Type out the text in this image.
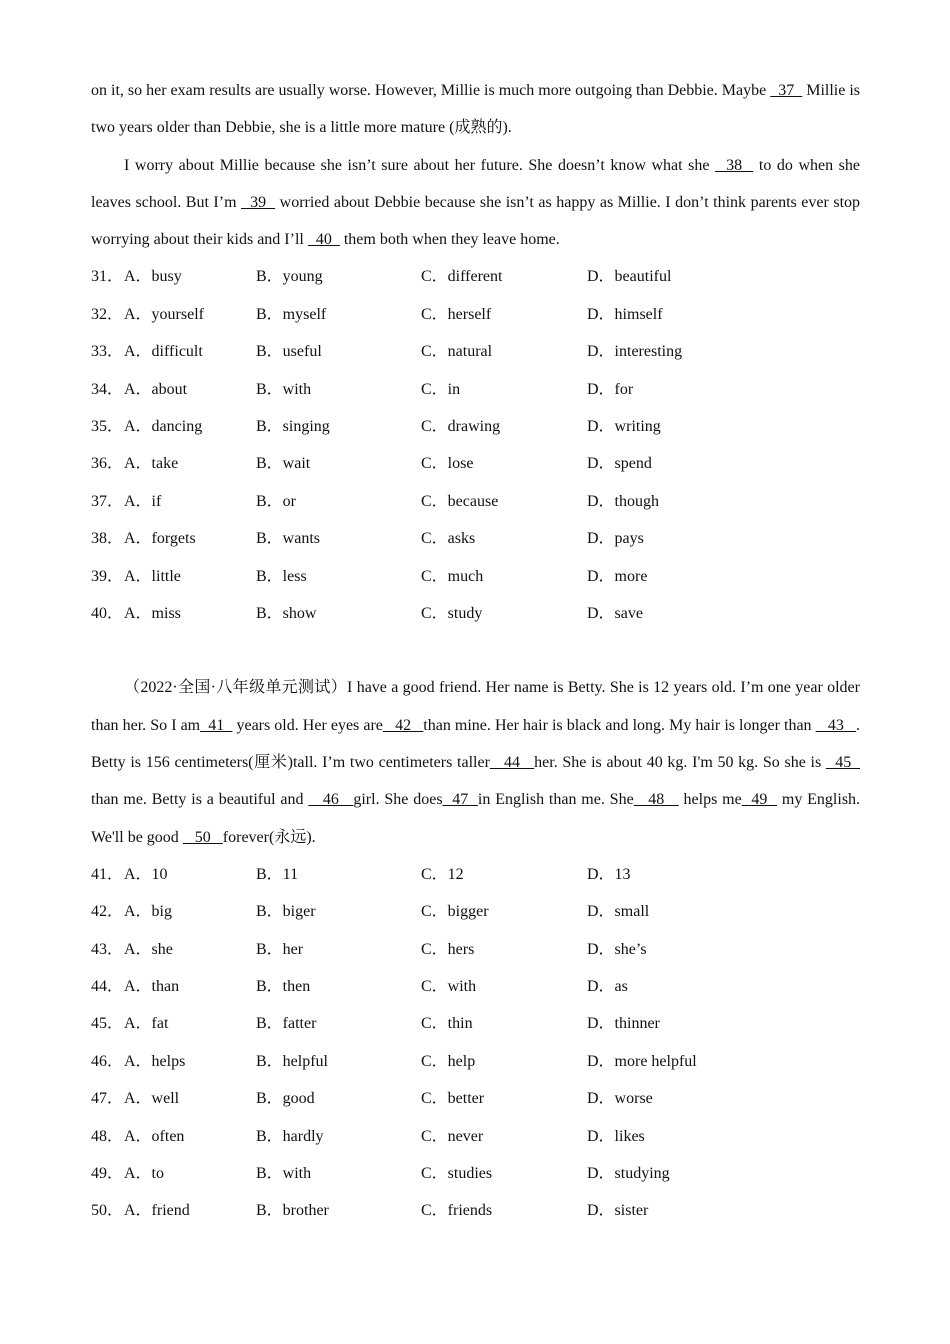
on it, so her exam results are usually worse. However, Millie is much more outgoing than Debbie. Maybe   37   Millie is two years older than Debbie, she is a little more mature (成熟的).

I worry about Millie because she isn’t sure about her future. She doesn’t know what she   38   to do when she leaves school. But I’m   39   worried about Debbie because she isn’t as happy as Millie. I don’t think parents ever stop worrying about their kids and I’ll   40   them both when they leave home.

31． A．busy	B．young	C．different	D．beautiful
32． A．yourself	B．myself	C．herself	D．himself
33． A．difficult	B．useful	C．natural	D．interesting
34． A．about	B．with	C．in	D．for
35． A．dancing	B．singing	C．drawing	D．writing
36． A．take	B．wait	C．lose	D．spend
37． A．if	B．or	C．because	D．though
38． A．forgets	B．wants	C．asks	D．pays
39． A．little	B．less	C．much	D．more
40． A．miss	B．show	C．study	D．save

（2022·全国·八年级单元测试）I have a good friend. Her name is Betty. She is 12 years old. I’m one year older than her. So I am  41   years old. Her eyes are   42   than mine. Her hair is black and long. My hair is longer than    43   . Betty is 156 centimeters(厘米)tall. I’m two centimeters taller   44   her. She is about 40 kg. I'm 50 kg. So she is   45   than me. Betty is a beautiful and    46   girl. She does  47  in English than me. She   48    helps me  49   my English. We'll be good    50   forever(永远).

41． A．10	B．11	C．12	D．13
42． A．big	B．biger	C．bigger	D．small
43． A．she	B．her	C．hers	D．she’s
44． A．than	B．then	C．with	D．as
45． A．fat	B．fatter	C．thin	D．thinner
46． A．helps	B．helpful	C．help	D．more helpful
47． A．well	B．good	C．better	D．worse
48． A．often	B．hardly	C．never	D．likes
49． A．to	B．with	C．studies	D．studying
50． A．friend	B．brother	C．friends	D．sister
